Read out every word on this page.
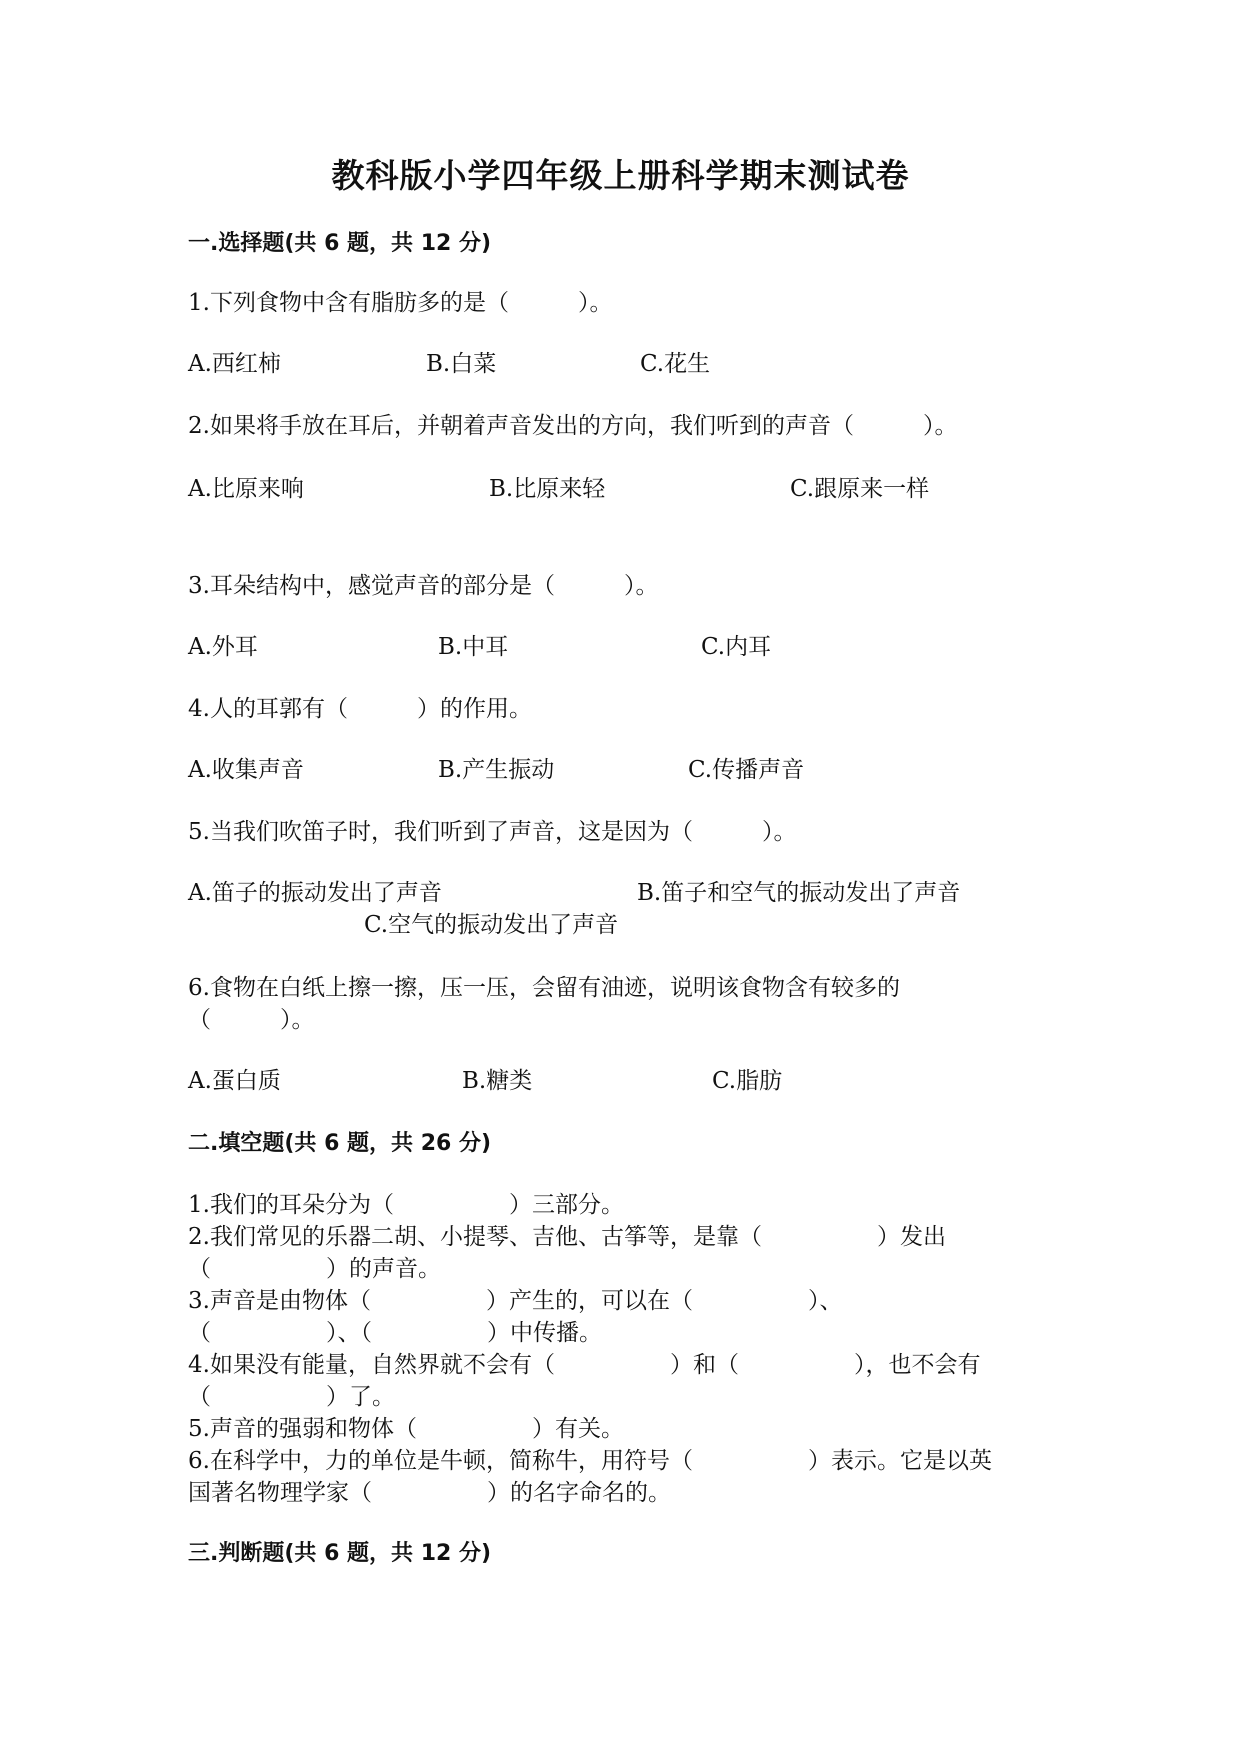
教科版小学四年级上册科学期末测试卷
一.选择题(共 6 题，共 12 分)
1.下列食物中含有脂肪多的是（　　　）。
A.西红柿	B.白菜	C.花生
2.如果将手放在耳后，并朝着声音发出的方向，我们听到的声音（　　　）。
A.比原来响	B.比原来轻	C.跟原来一样
3.耳朵结构中，感觉声音的部分是（　　　）。
A.外耳	B.中耳	C.内耳
4.人的耳郭有（　　　）的作用。
A.收集声音	B.产生振动	C.传播声音
5.当我们吹笛子时，我们听到了声音，这是因为（　　　）。
A.笛子的振动发出了声音	B.笛子和空气的振动发出了声音
C.空气的振动发出了声音
6.食物在白纸上擦一擦，压一压，会留有油迹，说明该食物含有较多的
（　　　）。
A.蛋白质	B.糖类	C.脂肪
二.填空题(共 6 题，共 26 分)
1.我们的耳朵分为（　　　　　）三部分。
2.我们常见的乐器二胡、小提琴、吉他、古筝等，是靠（　　　　　）发出
（　　　　　）的声音。
3.声音是由物体（　　　　　）产生的，可以在（　　　　　）、
（　　　　　）、（　　　　　）中传播。
4.如果没有能量，自然界就不会有（　　　　　）和（　　　　　），也不会有
（　　　　　）了。
5.声音的强弱和物体（　　　　　）有关。
6.在科学中，力的单位是牛顿，简称牛，用符号（　　　　　）表示。它是以英
国著名物理学家（　　　　　）的名字命名的。
三.判断题(共 6 题，共 12 分)
